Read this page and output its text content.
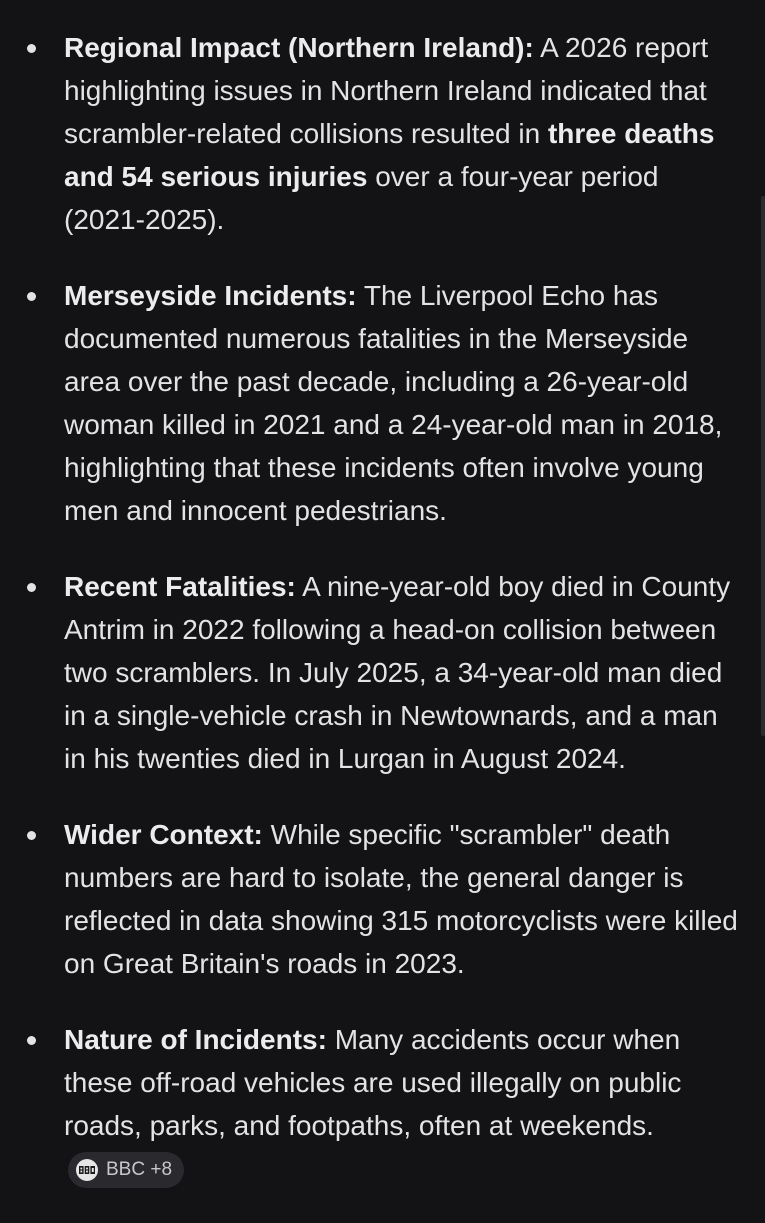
Regional Impact (Northern Ireland): A 2026 report highlighting issues in Northern Ireland indicated that scrambler-related collisions resulted in three deaths and 54 serious injuries over a four-year period (2021-2025).
Merseyside Incidents: The Liverpool Echo has documented numerous fatalities in the Merseyside area over the past decade, including a 26-year-old woman killed in 2021 and a 24-year-old man in 2018, highlighting that these incidents often involve young men and innocent pedestrians.
Recent Fatalities: A nine-year-old boy died in County Antrim in 2022 following a head-on collision between two scramblers. In July 2025, a 34-year-old man died in a single-vehicle crash in Newtownards, and a man in his twenties died in Lurgan in August 2024.
Wider Context: While specific "scrambler" death numbers are hard to isolate, the general danger is reflected in data showing 315 motorcyclists were killed on Great Britain's roads in 2023.
Nature of Incidents: Many accidents occur when these off-road vehicles are used illegally on public roads, parks, and footpaths, often at weekends.
BBC +8
